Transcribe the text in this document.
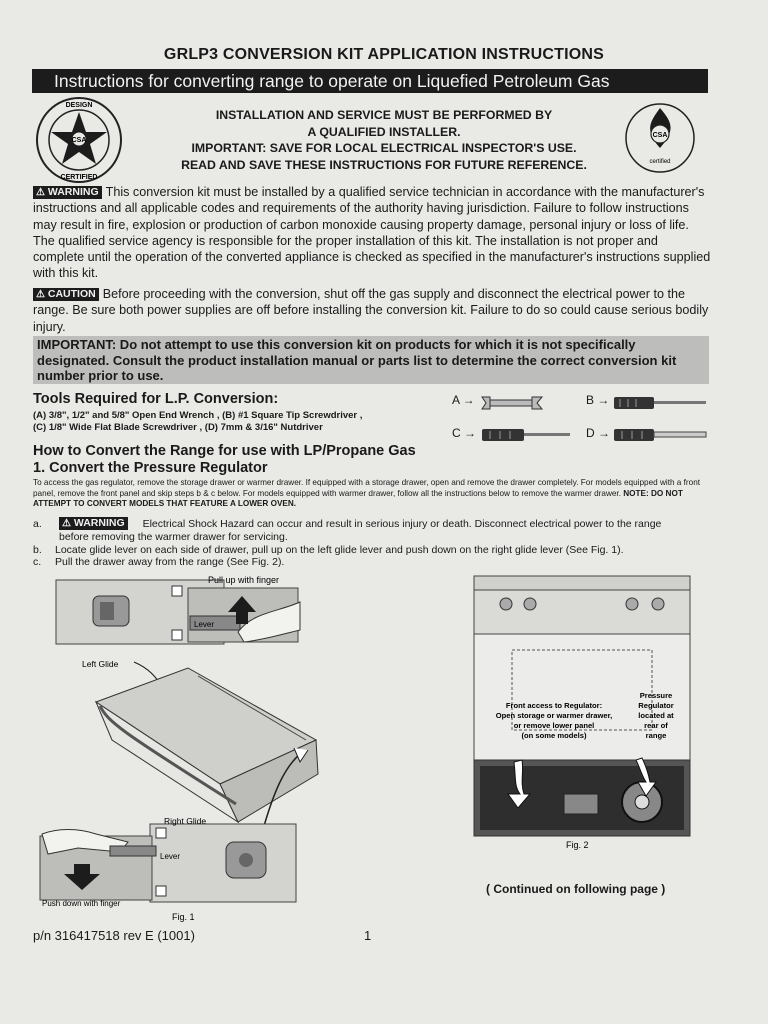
GRLP3 CONVERSION KIT APPLICATION INSTRUCTIONS
Instructions for converting range to operate on Liquefied Petroleum Gas
CSA
DESIGN
CERTIFIED
CSA
certified
INSTALLATION AND SERVICE MUST BE PERFORMED BY
A QUALIFIED INSTALLER.
IMPORTANT: SAVE FOR LOCAL ELECTRICAL INSPECTOR'S USE.
READ AND SAVE THESE INSTRUCTIONS FOR FUTURE REFERENCE.
⚠ WARNING This conversion kit must be installed by a qualified service technician in accordance with the manufacturer's instructions and all applicable codes and requirements of the authority having jurisdiction. Failure to follow instructions may result in fire, explosion or production of carbon monoxide causing property damage, personal injury or loss of life. The qualified service agency is responsible for the proper installation of this kit. The installation is not proper and complete until the operation of the converted appliance is checked as specified in the manufacturer's instructions supplied with this kit.
⚠ CAUTION Before proceeding with the conversion, shut off the gas supply and disconnect the electrical power to the range. Be sure both power supplies are off before installing the conversion kit. Failure to do so could cause serious bodily injury.
IMPORTANT: Do not attempt to use this conversion kit on products for which it is not specifically designated. Consult the product installation manual or parts list to determine the correct conversion kit number prior to use.
Tools Required for L.P. Conversion:
(A) 3/8", 1/2" and 5/8" Open End Wrench , (B) #1 Square Tip Screwdriver ,
(C) 1/8" Wide Flat Blade Screwdriver , (D) 7mm & 3/16" Nutdriver
A →	B →
C →	D →
How to Convert the Range for use with LP/Propane Gas
1. Convert the Pressure Regulator
To access the gas regulator, remove the storage drawer or warmer drawer. If equipped with a storage drawer, open and remove the drawer completely. For models equipped with a front panel, remove the front panel and skip steps b & c below. For models equipped with warmer drawer, follow all the instructions below to remove the warmer drawer. NOTE: DO NOT ATTEMPT TO CONVERT MODELS THAT FEATURE A LOWER OVEN.
a. ⚠ WARNING Electrical Shock Hazard can occur and result in serious injury or death. Disconnect electrical power to the range
before removing the warmer drawer for servicing.
b. Locate glide lever on each side of drawer, pull up on the left glide lever and push down on the right glide lever (See Fig. 1).
c. Pull the drawer away from the range (See Fig. 2).
Lever
Pull up with finger
Left Glide
Right Glide
Lever
Push down with finger
Fig. 1
Front access to Regulator:
Open storage or warmer drawer,
or remove lower panel
(on some models)
Pressure
Regulator
located at
rear of
range
Fig. 2
( Continued on following page )
p/n 316417518 rev E (1001)	1
